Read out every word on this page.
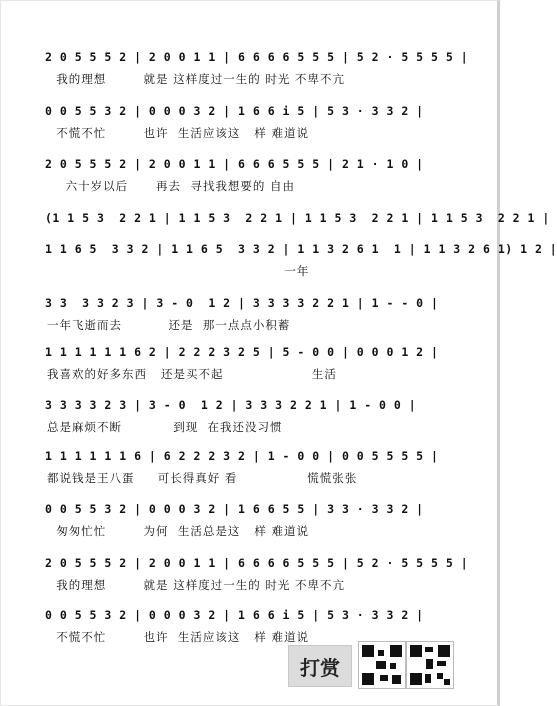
2 0 5 5 5 2 | 2 0 0 1 1 | 6 6 6 6 5 5 5 | 5 2 · 5 5 5 5 |
我的理想        就是 这样度过一生的 时光 不卑不亢
0 0 5 5 3 2 | 0 0 0 3 2 | 1 6 6 i 5 | 5 3 · 3 3 2 |
不慌不忙        也许  生活应该这   样 难道说
2 0 5 5 5 2 | 2 0 0 1 1 | 6 6 6 5 5 5 | 2 1 · 1 0 |
六十岁以后      再去  寻找我想要的 自由
(1 1 5 3  2 2 1 | 1 1 5 3  2 2 1 | 1 1 5 3  2 2 1 | 1 1 5 3  2 2 1 |
1 1 6 5  3 3 2 | 1 1 6 5  3 3 2 | 1 1 3 2 6 1  1 | 1 1 3 2 6 1) 1 2 |
一年
3 3  3 3 2 3 | 3 - 0  1 2 | 3 3 3 3 2 2 1 | 1 - - 0 |
一年飞逝而去          还是  那一点点小积蓄
1 1 1 1 1 1 6 2 | 2 2 2 3 2 5 | 5 - 0 0 | 0 0 0 1 2 |
我喜欢的好多东西   还是买不起                   生活
3 3 3 3 2 3 | 3 - 0  1 2 | 3 3 3 2 2 1 | 1 - 0 0 |
总是麻烦不断           到现  在我还没习惯
1 1 1 1 1 1 6 | 6 2 2 2 3 2 | 1 - 0 0 | 0 0 5 5 5 5 |
都说钱是王八蛋     可长得真好 看               慌慌张张
0 0 5 5 3 2 | 0 0 0 3 2 | 1 6 6 5 5 | 3 3 · 3 3 2 |
匆匆忙忙        为何  生活总是这   样 难道说
2 0 5 5 5 2 | 2 0 0 1 1 | 6 6 6 6 5 5 5 | 5 2 · 5 5 5 5 |
我的理想        就是 这样度过一生的 时光 不卑不亢
0 0 5 5 3 2 | 0 0 0 3 2 | 1 6 6 i 5 | 5 3 · 3 3 2 |
不慌不忙        也许  生活应该这   样 难道说
打赏
